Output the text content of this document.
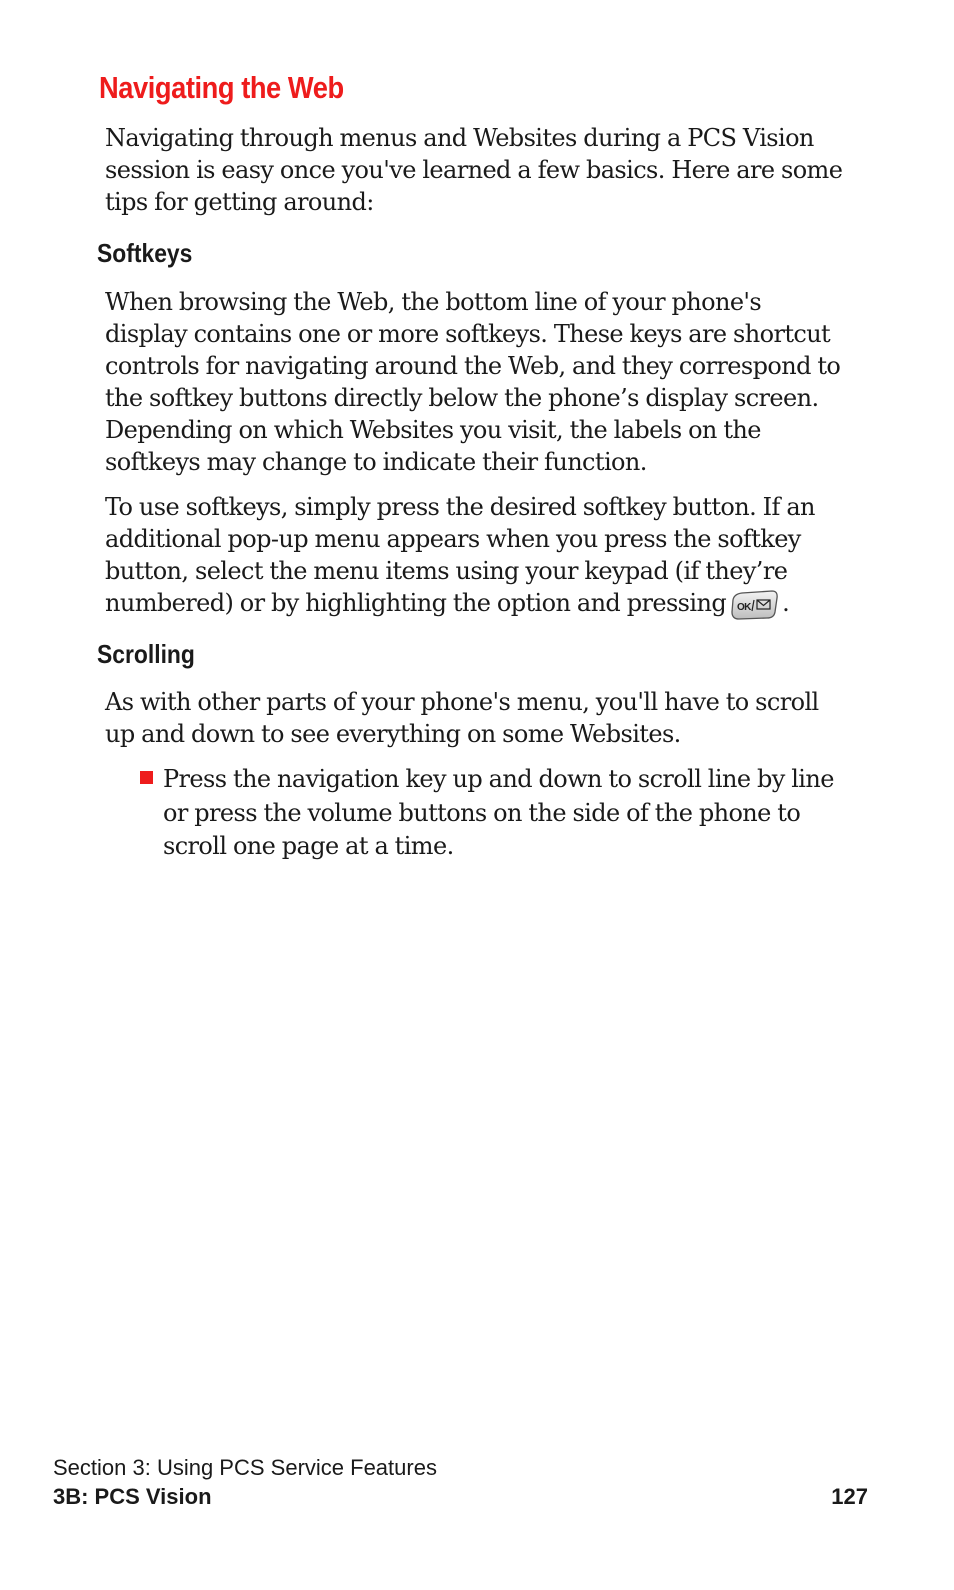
Navigating the Web

Navigating through menus and Websites during a PCS Vision
session is easy once you've learned a few basics. Here are some
tips for getting around:

Softkeys

When browsing the Web, the bottom line of your phone's
display contains one or more softkeys. These keys are shortcut
controls for navigating around the Web, and they correspond to
the softkey buttons directly below the phone’s display screen.
Depending on which Websites you visit, the labels on the
softkeys may change to indicate their function.

To use softkeys, simply press the desired softkey button. If an
additional pop-up menu appears when you press the softkey
button, select the menu items using your keypad (if they’re
numbered) or by highlighting the option and pressing OK .

Scrolling

As with other parts of your phone's menu, you'll have to scroll
up and down to see everything on some Websites.

Press the navigation key up and down to scroll line by line
or press the volume buttons on the side of the phone to
scroll one page at a time.

Section 3: Using PCS Service Features

3B: PCS Vision	127
